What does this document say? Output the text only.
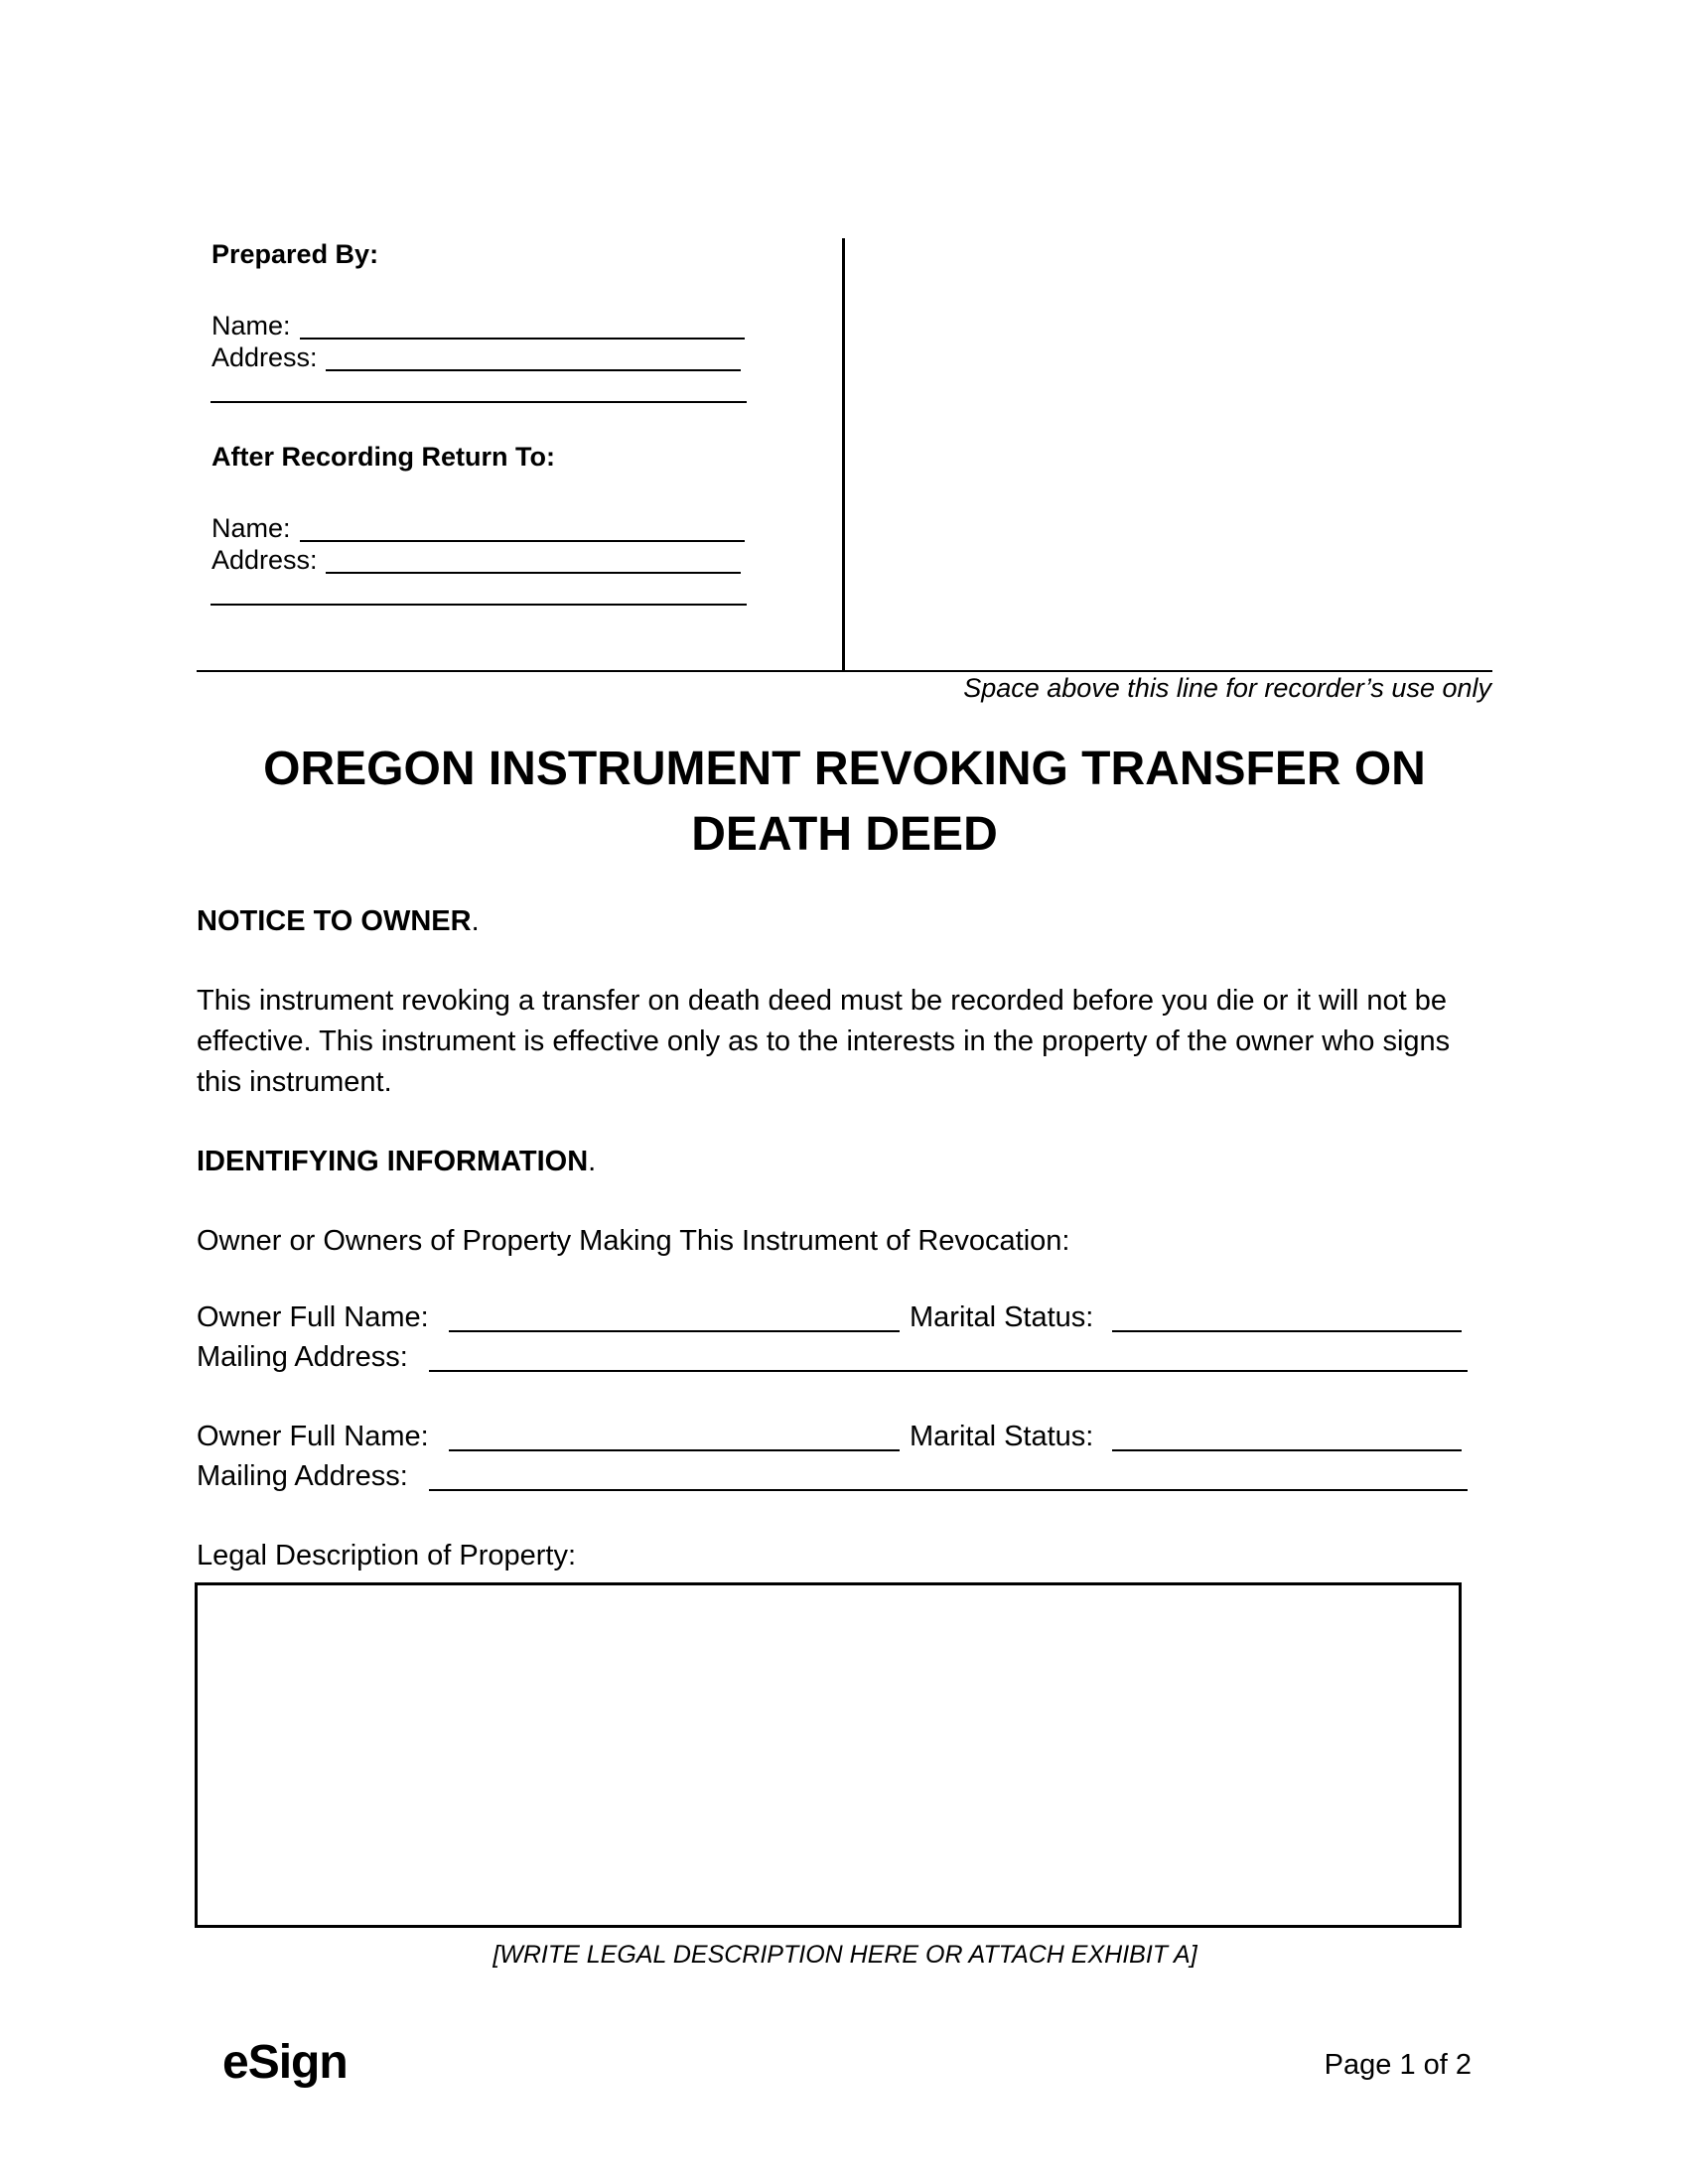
Prepared By:
Name:
Address:
After Recording Return To:
Name:
Address:
Space above this line for recorder’s use only
OREGON INSTRUMENT REVOKING TRANSFER ON DEATH DEED
NOTICE TO OWNER.
This instrument revoking a transfer on death deed must be recorded before you die or it will not be effective. This instrument is effective only as to the interests in the property of the owner who signs this instrument.
IDENTIFYING INFORMATION.
Owner or Owners of Property Making This Instrument of Revocation:
Owner Full Name:	Marital Status:
Mailing Address:
Owner Full Name:	Marital Status:
Mailing Address:
Legal Description of Property:
[WRITE LEGAL DESCRIPTION HERE OR ATTACH EXHIBIT A]
eSign	Page 1 of 2
